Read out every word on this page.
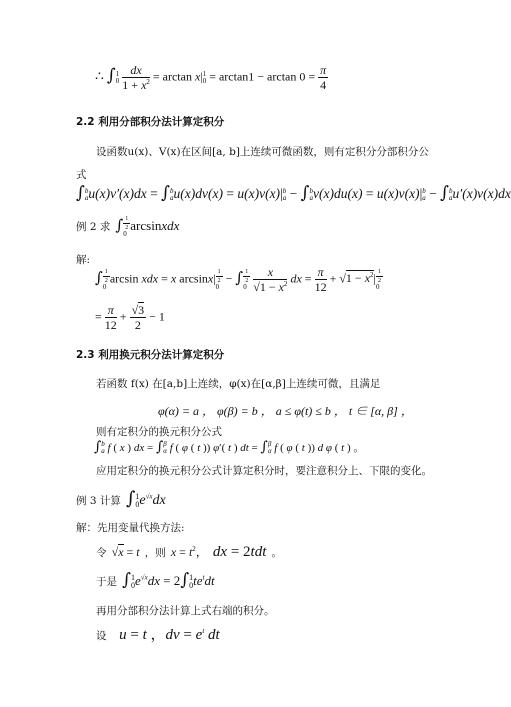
∴ ∫ 1
0
$\frac{dx}{1 + x^2} = \arctan x|$ 1
$0 = \arctan 1 - \arctan 0 = \frac{\pi}{4}$
2.2 利用分部积分法计算定积分
设函数u(x)、V(x)在区间[a, b]上连续可微函数，则有定积分分部积分公
式
∫ b
a u(x)v′(x)dx = ∫ b
a u(x)dv(x) = u(x)v(x)| b
a − ∫ b
a v(x)du(x) = u(x)v(x)| b
a − ∫ b
a u′(x)v(x)dx
例 2 求 ∫ 1
2
0
arcsinxdx
解:
∫ 1
2
0
arcsin xdx = x arcsinx| 1
2
0
− ∫ 1
2
0
$\frac{x}{√1 - x^2}$ dx = $\frac{\pi}{12} + √1 - x^2|$ 1
2
0
= $\frac{\pi}{12} + \frac{√3}{2} - 1$
2.3 利用换元积分法计算定积分
若函数 f(x) 在[a,b]上连续，φ(x)在[α,β]上连续可微，且满足
φ(α) = a ， φ(β) = b ， a ≤ φ(t) ≤ b ， t ∈ [α, β] ，
则有定积分的换元积分公式
∫ b
a f ( x ) dx = ∫ β
α f ( φ ( t )) φ′( t ) dt = ∫ β
α f ( φ ( t )) d φ ( t ) 。
应用定积分的换元积分公式计算定积分时，要注意积分上、下限的变化。
例 3 计算 ∫ 1
0 $e^{√x}dx$
解：先用变量代换方法:
令 √x = t ，则 $x = t^2$， dx = 2tdt 。
于是 ∫ 1
0 $e^{√x}dx = 2\int$ 1
0 $te^tdt$
再用分部积分法计算上式右端的积分。
设 u = t ，dv = $e^t$ dt
